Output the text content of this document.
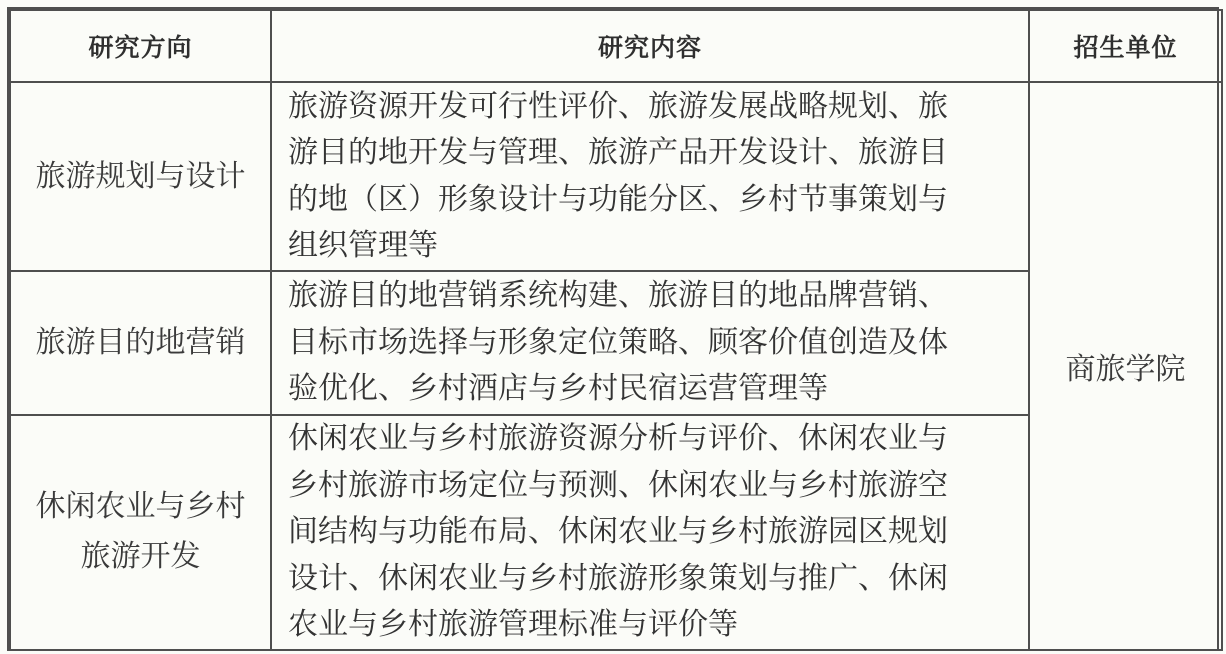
研究方向	研究内容	招生单位

旅游规划与设计	旅游资源开发可行性评价、旅游发展战略规划、旅
游目的地开发与管理、旅游产品开发设计、旅游目
的地（区）形象设计与功能分区、乡村节事策划与
组织管理等	商旅学院

旅游目的地营销	旅游目的地营销系统构建、旅游目的地品牌营销、
目标市场选择与形象定位策略、顾客价值创造及体
验优化、乡村酒店与乡村民宿运营管理等	

休闲农业与乡村
旅游开发	休闲农业与乡村旅游资源分析与评价、休闲农业与
乡村旅游市场定位与预测、休闲农业与乡村旅游空
间结构与功能布局、休闲农业与乡村旅游园区规划
设计、休闲农业与乡村旅游形象策划与推广、休闲
农业与乡村旅游管理标准与评价等	
